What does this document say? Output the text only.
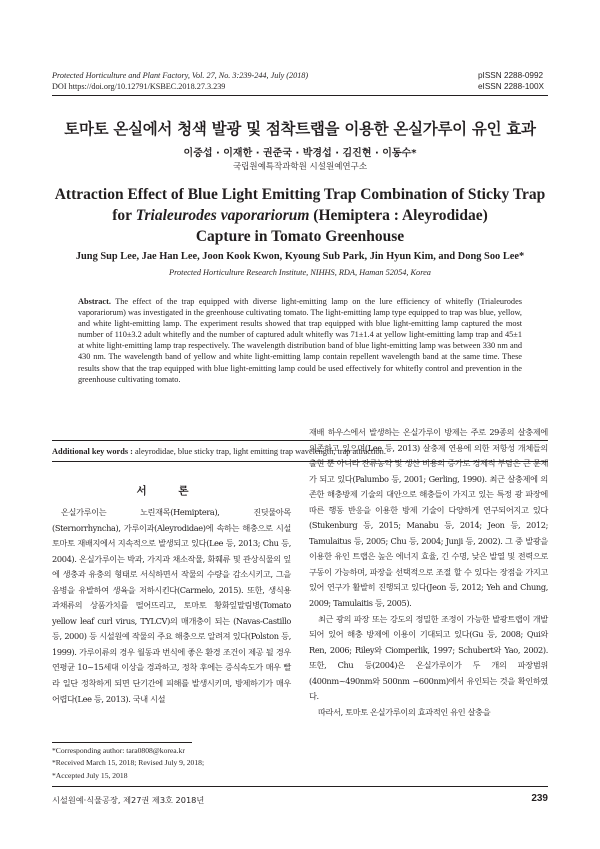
Protected Horticulture and Plant Factory, Vol. 27, No. 3:239-244, July (2018)
DOI https://doi.org/10.12791/KSBEC.2018.27.3.239
pISSN 2288-0992
eISSN 2288-100X
토마토 온실에서 청색 발광 및 점착트랩을 이용한 온실가루이 유인 효과
이중섭 · 이재한 · 권준국 · 박경섭 · 김진현 · 이동수*
국립원예특작과학원 시설원예연구소
Attraction Effect of Blue Light Emitting Trap Combination of Sticky Trap
for Trialeurodes vaporariorum (Hemiptera : Aleyrodidae)
Capture in Tomato Greenhouse
Jung Sup Lee, Jae Han Lee, Joon Kook Kwon, Kyoung Sub Park, Jin Hyun Kim, and Dong Soo Lee*
Protected Horticulture Research Institute, NIHHS, RDA, Haman 52054, Korea
Abstract. The effect of the trap equipped with diverse light-emitting lamp on the lure efficiency of whitefly (Trialeurodes vaporariorum) was investigated in the greenhouse cultivating tomato. The light-emitting lamp type equipped to trap was blue, yellow, and white light-emitting lamp. The experiment results showed that trap equipped with blue light-emitting lamp captured the most number of 110±3.2 adult whitefly and the number of captured adult whitefly was 71±1.4 at yellow light-emitting lamp trap and 45±1 at white light-emitting lamp trap respectively. The wavelength distribution band of blue light-emitting lamp was between 330 nm and 430 nm. The wavelength band of yellow and white light-emitting lamp contain repellent wavelength band at the same time. These results show that the trap equipped with blue light-emitting lamp could be used effectively for whitefly control and prevention in the greenhouse cultivating tomato.
Additional key words : aleyrodidae, blue sticky trap, light emitting trap wavelength, trap attraction.
서 론

온실가루이는 노린재목(Hemiptera), 진딧물아목(Sternorrhyncha), 가루이과(Aleyrodidae)에 속하는 해충으로 시설 토마토 재배지에서 지속적으로 발생되고 있다(Lee 등, 2013; Chu 등, 2004). 온실가루이는 박과, 가지과 채소작물, 화훼류 및 관상식물의 잎에 생충과 유충의 형태로 서식하면서 작물의 수량을 감소시키고, 그을음병을 유발하여 생육을 저하시킨다(Carmelo, 2015). 또한, 생식용 과채류의 상품가치를 떨어뜨리고, 토마토 황화잎말림병(Tomato yellow leaf curl virus, TYLCV)의 매개충이 되는 (Navas-Castillo 등, 2000) 등 시설원예 작물의 주요 해충으로 알려져 있다(Polston 등, 1999). 가루이류의 경우 월동과 번식에 좋은 환경 조건이 제공 될 경우 연평균 10~15세대 이상을 경과하고, 정착 후에는 증식속도가 매우 빨라 일단 정착하게 되면 단기간에 피해를 발생시키며, 방제하기가 매우 어렵다(Lee 등, 2013). 국내 시설

재배 하우스에서 발생하는 온실가루이 방제는 주로 29종의 살충제에 의존하고 있으며(Lee 등, 2013) 살충제 연용에 의한 저항성 개체들의 출현 뿐 아니라 잔류농약 및 생산 비용의 증가로 경제적 부담은 큰 문제가 되고 있다(Palumbo 등, 2001; Gerling, 1990). 최근 살충제에 의존한 해충방제 기술의 대안으로 해충들이 가지고 있는 특정 광 파장에 따른 행동 반응을 이용한 방제 기술이 다양하게 연구되어지고 있다(Stukenburg 등, 2015; Manabu 등, 2014; Jeon 등, 2012; Tamulaitus 등, 2005; Chu 등, 2004; Junji 등, 2002). 그 중 발광을 이용한 유인 트랩은 높은 에너지 효율, 긴 수명, 낮은 발열 및 전력으로 구동이 가능하며, 파장을 선택적으로 조절 할 수 있다는 장점을 가지고 있어 연구가 활발히 진행되고 있다(Jeon 등, 2012; Yeh and Chung, 2009; Tamulaitis 등, 2005).

최근 광의 파장 또는 강도의 정밀한 조정이 가능한 발광트랩이 개발되어 있어 해충 방제에 이용이 기대되고 있다(Gu 등, 2008; Qui와 Ren, 2006; Riley와 Ciomperlik, 1997; Schubert와 Yao, 2002). 또한, Chu 등(2004)은 온실가루이가 두 개의 파장범위(400nm~490nm와 500nm ~600nm)에서 유인되는 것을 확인하였다.

따라서, 토마토 온실가루이의 효과적인 유인 살충을

*Corresponding author: tara0808@korea.kr
*Received March 15, 2018; Revised July 9, 2018;
*Accepted July 15, 2018
시설원예·식물공장, 제27권 제3호 2018년	239
